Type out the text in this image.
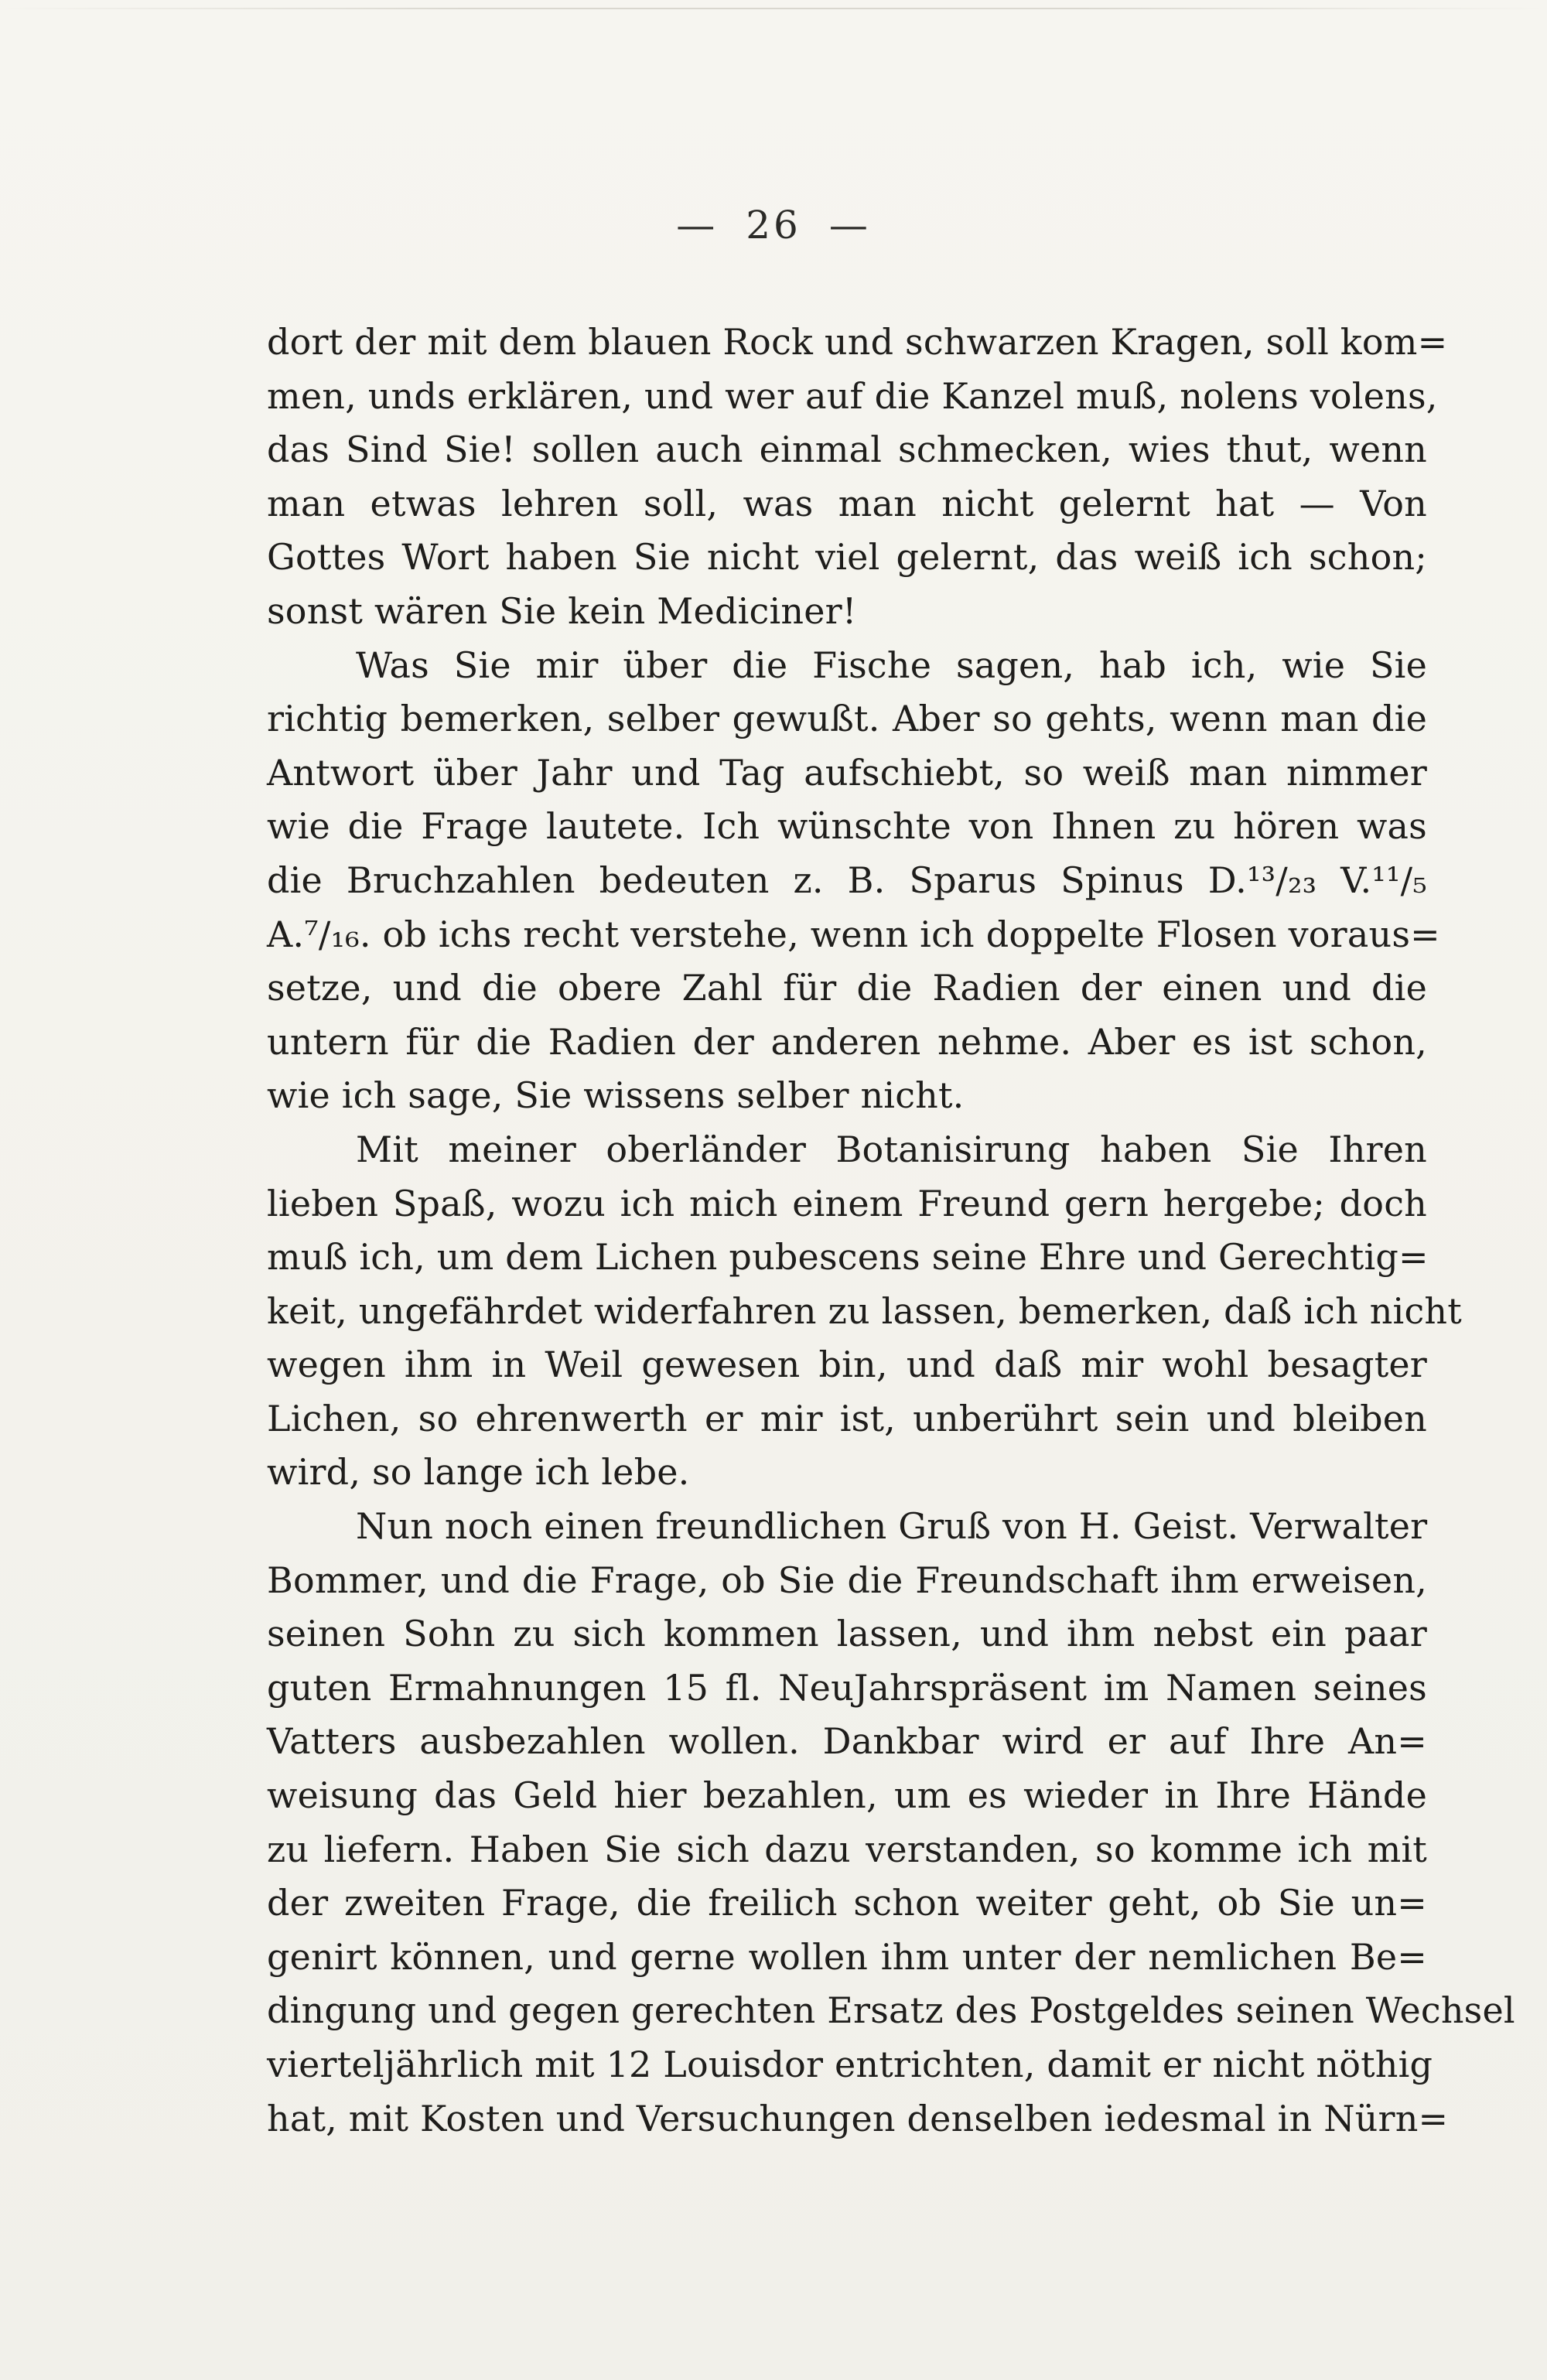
— 26 —
dort der mit dem blauen Rock und schwarzen Kragen, soll kom=
men, unds erklären, und wer auf die Kanzel muß, nolens volens,
das Sind Sie! sollen auch einmal schmecken, wies thut, wenn
man etwas lehren soll, was man nicht gelernt hat — Von
Gottes Wort haben Sie nicht viel gelernt, das weiß ich schon;
sonst wären Sie kein Mediciner!
Was Sie mir über die Fische sagen, hab ich, wie Sie
richtig bemerken, selber gewußt. Aber so gehts, wenn man die
Antwort über Jahr und Tag aufschiebt, so weiß man nimmer
wie die Frage lautete. Ich wünschte von Ihnen zu hören was
die Bruchzahlen bedeuten z. B. Sparus Spinus D.¹³/₂₃ V.¹¹/₅
A.⁷/₁₆. ob ichs recht verstehe, wenn ich doppelte Flosen voraus=
setze, und die obere Zahl für die Radien der einen und die
untern für die Radien der anderen nehme. Aber es ist schon,
wie ich sage, Sie wissens selber nicht.
Mit meiner oberländer Botanisirung haben Sie Ihren
lieben Spaß, wozu ich mich einem Freund gern hergebe; doch
muß ich, um dem Lichen pubescens seine Ehre und Gerechtig=
keit, ungefährdet widerfahren zu lassen, bemerken, daß ich nicht
wegen ihm in Weil gewesen bin, und daß mir wohl besagter
Lichen, so ehrenwerth er mir ist, unberührt sein und bleiben
wird, so lange ich lebe.
Nun noch einen freundlichen Gruß von H. Geist. Verwalter
Bommer, und die Frage, ob Sie die Freundschaft ihm erweisen,
seinen Sohn zu sich kommen lassen, und ihm nebst ein paar
guten Ermahnungen 15 fl. NeuJahrspräsent im Namen seines
Vatters ausbezahlen wollen. Dankbar wird er auf Ihre An=
weisung das Geld hier bezahlen, um es wieder in Ihre Hände
zu liefern. Haben Sie sich dazu verstanden, so komme ich mit
der zweiten Frage, die freilich schon weiter geht, ob Sie un=
genirt können, und gerne wollen ihm unter der nemlichen Be=
dingung und gegen gerechten Ersatz des Postgeldes seinen Wechsel
vierteljährlich mit 12 Louisdor entrichten, damit er nicht nöthig
hat, mit Kosten und Versuchungen denselben iedesmal in Nürn=
